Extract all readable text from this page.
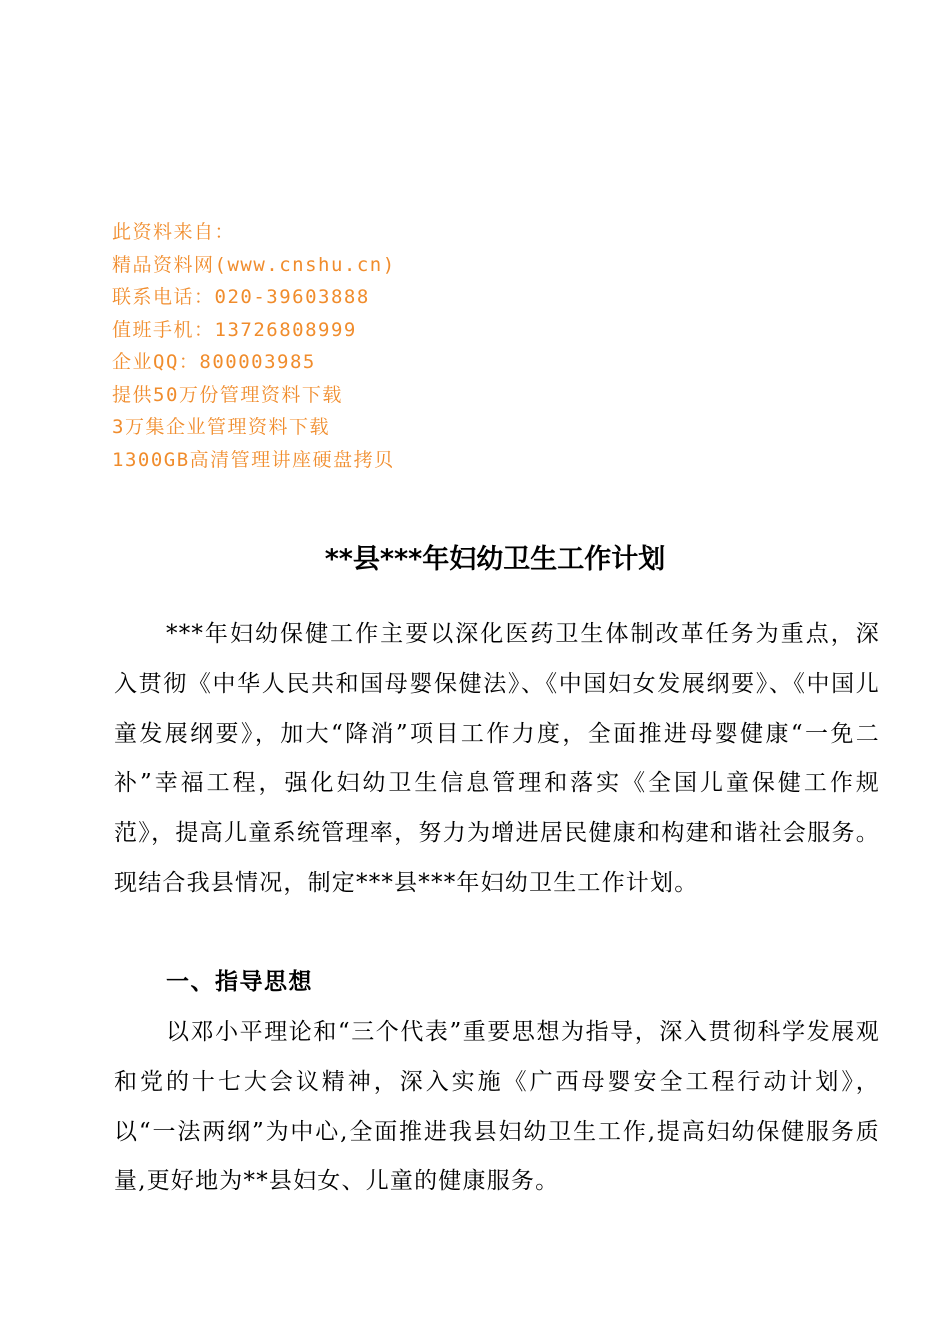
此资料来自：
精品资料网(www.cnshu.cn)
联系电话：020-39603888
值班手机：13726808999
企业QQ：800003985
提供50万份管理资料下载
3万集企业管理资料下载
1300GB高清管理讲座硬盘拷贝
**县***年妇幼卫生工作计划

***年妇幼保健工作主要以深化医药卫生体制改革任务为重点，深入贯彻《中华人民共和国母婴保健法》、《中国妇女发展纲要》、《中国儿童发展纲要》，加大“降消”项目工作力度，全面推进母婴健康“一免二补”幸福工程，强化妇幼卫生信息管理和落实《全国儿童保健工作规范》，提高儿童系统管理率，努力为增进居民健康和构建和谐社会服务。现结合我县情况，制定***县***年妇幼卫生工作计划。

一、指导思想

以邓小平理论和“三个代表”重要思想为指导，深入贯彻科学发展观和党的十七大会议精神，深入实施《广西母婴安全工程行动计划》，以“一法两纲”为中心,全面推进我县妇幼卫生工作,提高妇幼保健服务质量,更好地为**县妇女、儿童的健康服务。
